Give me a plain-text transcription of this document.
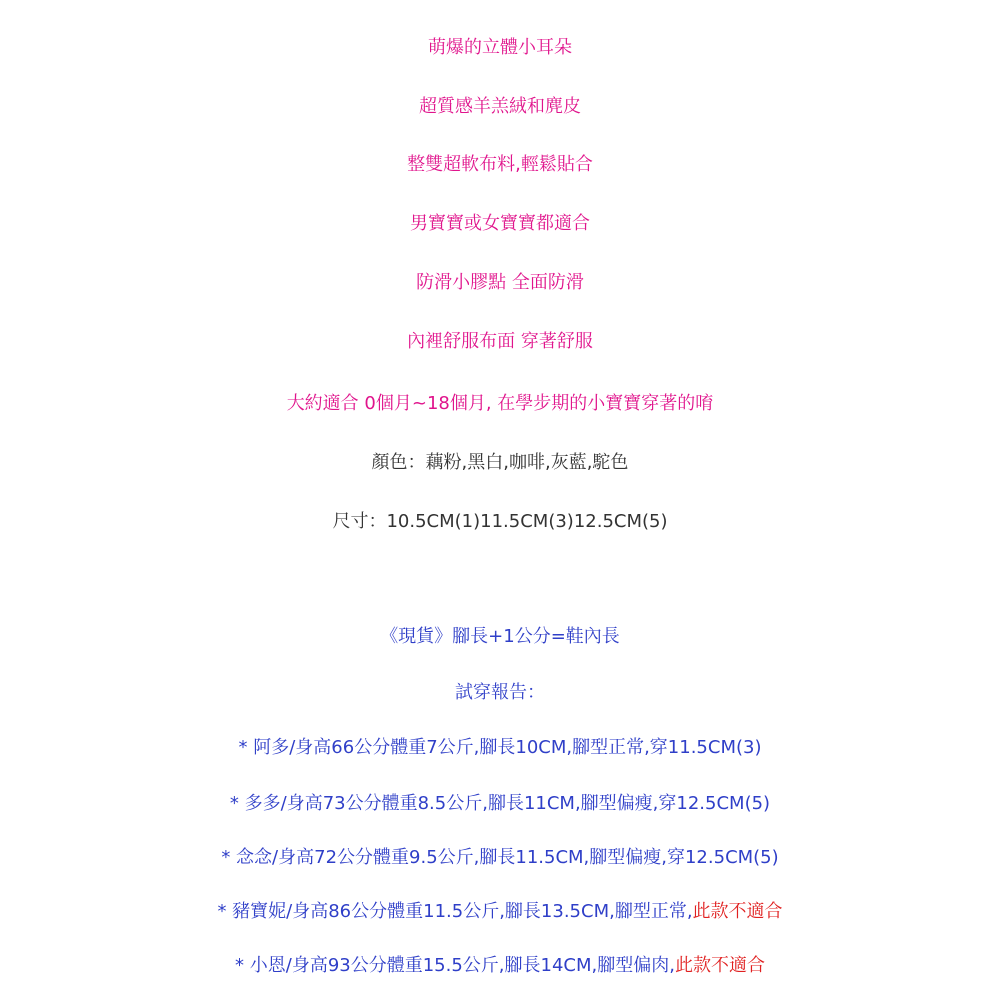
萌爆的立體小耳朵
超質感羊羔絨和麂皮
整雙超軟布料,輕鬆貼合
男寶寶或女寶寶都適合
防滑小膠點 全面防滑
內裡舒服布面 穿著舒服
大約適合 0個月~18個月, 在學步期的小寶寶穿著的唷
顏色：藕粉,黑白,咖啡,灰藍,駝色
尺寸：10.5CM(1)11.5CM(3)12.5CM(5)
《現貨》腳長+1公分=鞋內長
試穿報告：
* 阿多/身高66公分體重7公斤,腳長10CM,腳型正常,穿11.5CM(3)
* 多多/身高73公分體重8.5公斤,腳長11CM,腳型偏瘦,穿12.5CM(5)
* 念念/身高72公分體重9.5公斤,腳長11.5CM,腳型偏瘦,穿12.5CM(5)
* 豬寶妮/身高86公分體重11.5公斤,腳長13.5CM,腳型正常,此款不適合
* 小恩/身高93公分體重15.5公斤,腳長14CM,腳型偏肉,此款不適合
